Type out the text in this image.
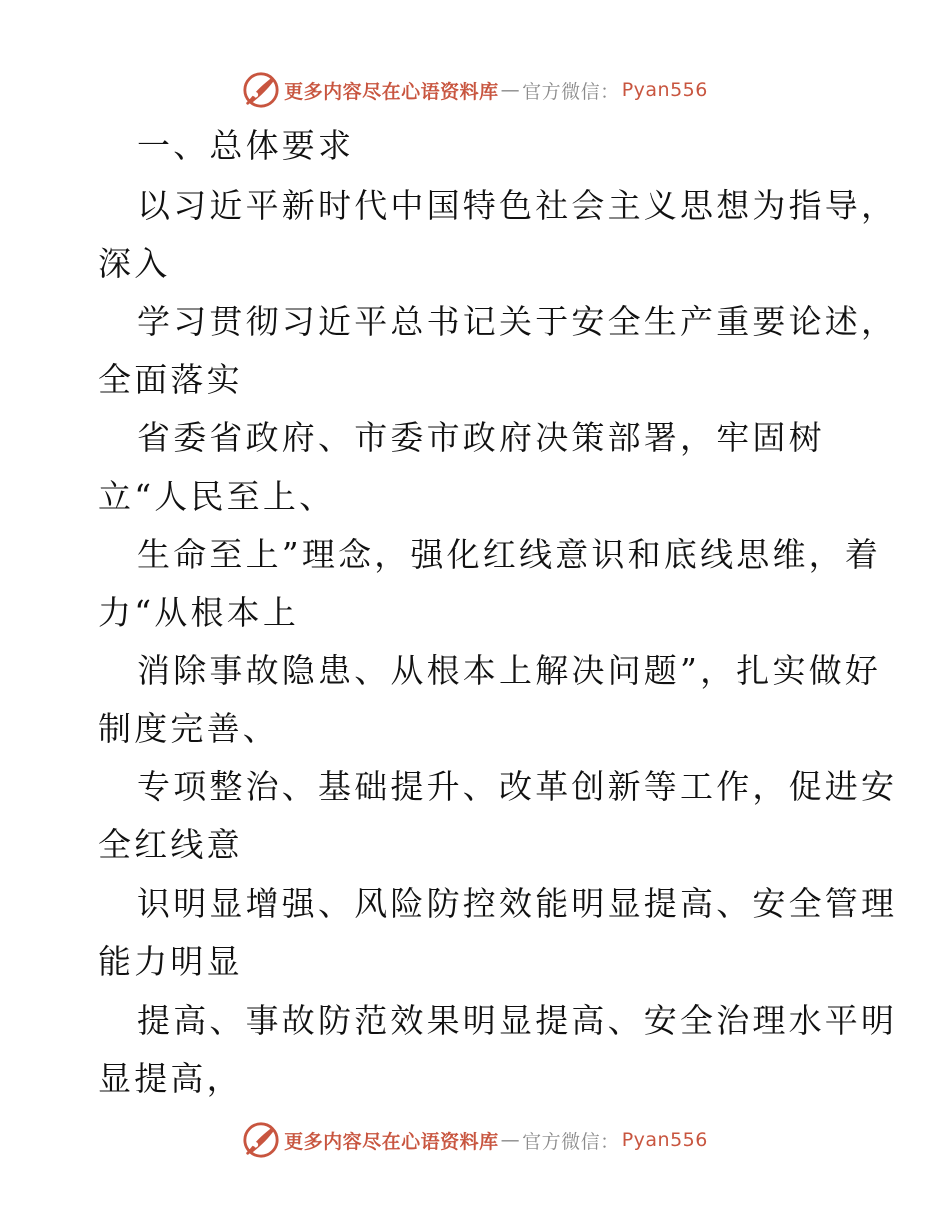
更多内容尽在心语资料库 — 官方微信： Pyan556
一、总体要求
以习近平新时代中国特色社会主义思想为指导，
深入
学习贯彻习近平总书记关于安全生产重要论述，
全面落实
省委省政府、市委市政府决策部署，牢固树
立“人民至上、
生命至上”理念，强化红线意识和底线思维，着
力“从根本上
消除事故隐患、从根本上解决问题”，扎实做好
制度完善、
专项整治、基础提升、改革创新等工作，促进安
全红线意
识明显增强、风险防控效能明显提高、安全管理
能力明显
提高、事故防范效果明显提高、安全治理水平明
显提高，
更多内容尽在心语资料库 — 官方微信： Pyan556
